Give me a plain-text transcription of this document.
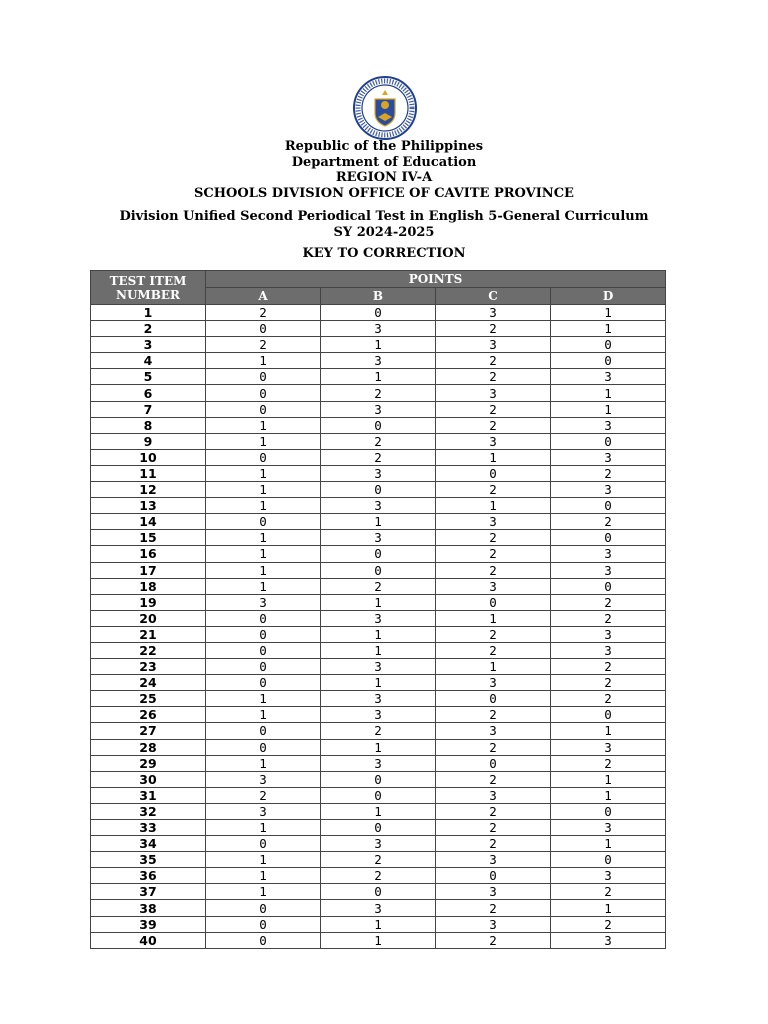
Republic of the Philippines
Department of Education
REGION IV-A
SCHOOLS DIVISION OFFICE OF CAVITE PROVINCE
Division Unified Second Periodical Test in English 5-General Curriculum
SY 2024-2025
KEY TO CORRECTION
TEST ITEM NUMBER	POINTS			
	A	B	C	D
1	2	0	3	1
2	0	3	2	1
3	2	1	3	0
4	1	3	2	0
5	0	1	2	3
6	0	2	3	1
7	0	3	2	1
8	1	0	2	3
9	1	2	3	0
10	0	2	1	3
11	1	3	0	2
12	1	0	2	3
13	1	3	1	0
14	0	1	3	2
15	1	3	2	0
16	1	0	2	3
17	1	0	2	3
18	1	2	3	0
19	3	1	0	2
20	0	3	1	2
21	0	1	2	3
22	0	1	2	3
23	0	3	1	2
24	0	1	3	2
25	1	3	0	2
26	1	3	2	0
27	0	2	3	1
28	0	1	2	3
29	1	3	0	2
30	3	0	2	1
31	2	0	3	1
32	3	1	2	0
33	1	0	2	3
34	0	3	2	1
35	1	2	3	0
36	1	2	0	3
37	1	0	3	2
38	0	3	2	1
39	0	1	3	2
40	0	1	2	3
